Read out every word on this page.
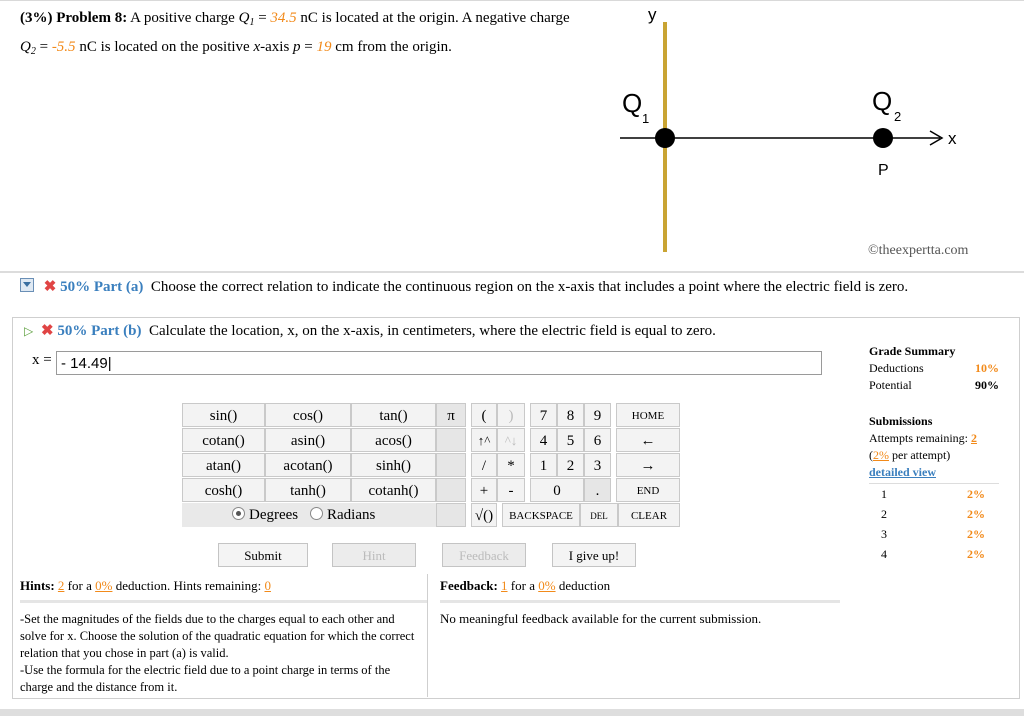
(3%) Problem 8: A positive charge $Q_1 = 34.5$ nC is located at the origin. A negative charge $Q_2 = -5.5$ nC is located on the positive x-axis p = 19 cm from the origin.
y
x
Q
1
Q
2
P
©theexpertta.com
✖ 50% Part (a) Choose the correct relation to indicate the continuous region on the x-axis that includes a point where the electric field is zero.
▷ ✖ 50% Part (b) Calculate the location, x, on the x-axis, in centimeters, where the electric field is equal to zero.
x = - 14.49|
sin()	cos()	tan()
cotan()	asin()	acos()
atan()	acotan()	sinh()
cosh()	tanh()	cotanh()
Degrees	Radians
π	(	)
↑^	^↓
/	*
+	-
√()
7	8	9
4	5	6
1	2	3
0	.
BACKSPACE	DEL
HOME
←
→
END
CLEAR
Submit	Hint	Feedback	I give up!
Grade Summary
Deductions	10%
Potential	90%
Submissions
Attempts remaining: 2
(2% per attempt)
detailed view
1	2%
2	2%
3	2%
4	2%
Hints: 2 for a 0% deduction. Hints remaining: 0
-Set the magnitudes of the fields due to the charges equal to each other and solve for x. Choose the solution of the quadratic equation for which the correct relation that you chose in part (a) is valid.
-Use the formula for the electric field due to a point charge in terms of the charge and the distance from it.
Feedback: 1 for a 0% deduction
No meaningful feedback available for the current submission.
